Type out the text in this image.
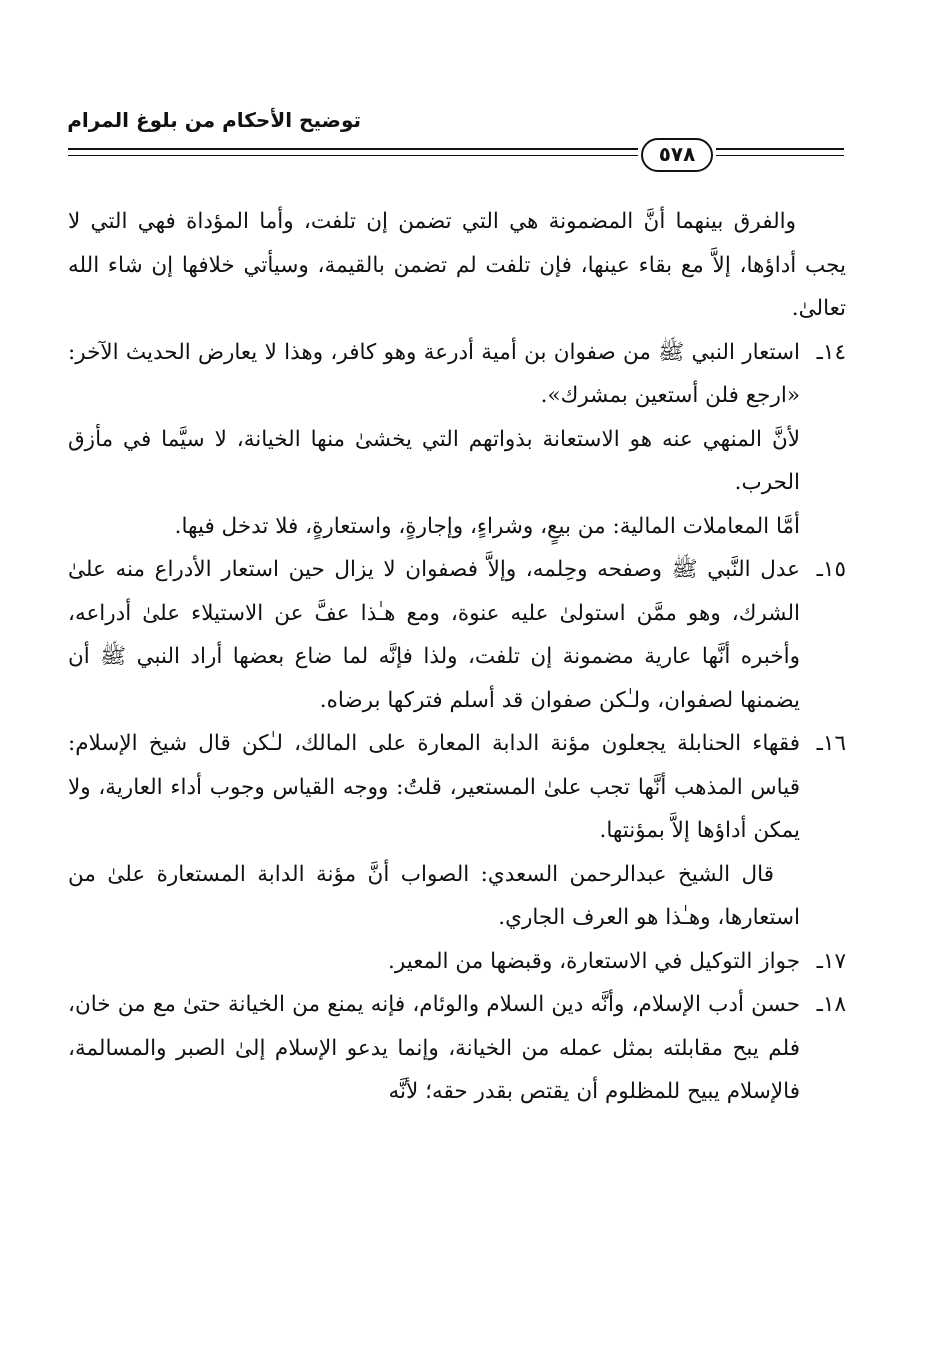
توضيح الأحكام من بلوغ المرام
٥٧٨

والفرق بينهما أنَّ المضمونة هي التي تضمن إن تلفت، وأما المؤداة فهي التي لا يجب أداؤها، إلاَّ مع بقاء عينها، فإن تلفت لم تضمن بالقيمة، وسيأتي خلافها إن شاء الله تعالىٰ.

١٤ـ
استعار النبي ﷺ من صفوان بن أمية أدرعة وهو كافر، وهذا لا يعارض الحديث الآخر: «ارجع فلن أستعين بمشرك».

لأنَّ المنهي عنه هو الاستعانة بذواتهم التي يخشىٰ منها الخيانة، لا سيَّما في مأزق الحرب.

أمَّا المعاملات المالية: من بيعٍ، وشراءٍ، وإجارةٍ، واستعارةٍ، فلا تدخل فيها.

١٥ـ
عدل النَّبي ﷺ وصفحه وحِلمه، وإلاَّ فصفوان لا يزال حين استعار الأدراع منه علىٰ الشرك، وهو ممَّن استولىٰ عليه عنوة، ومع هـٰذا عفَّ عن الاستيلاء علىٰ أدراعه، وأخبره أنَّها عارية مضمونة إن تلفت، ولذا فإنَّه لما ضاع بعضها أراد النبي ﷺ أن يضمنها لصفوان، ولـٰكن صفوان قد أسلم فتركها برضاه.
١٦ـ
فقهاء الحنابلة يجعلون مؤنة الدابة المعارة على المالك، لـٰكن قال شيخ الإسلام: قياس المذهب أنَّها تجب علىٰ المستعير، قلتُ: ووجه القياس وجوب أداء العارية، ولا يمكن أداؤها إلاَّ بمؤنتها.

قال الشيخ عبدالرحمن السعدي: الصواب أنَّ مؤنة الدابة المستعارة علىٰ من استعارها، وهـٰذا هو العرف الجاري.

١٧ـ
جواز التوكيل في الاستعارة، وقبضها من المعير.
١٨ـ
حسن أدب الإسلام، وأنَّه دين السلام والوئام، فإنه يمنع من الخيانة حتىٰ مع من خان، فلم يبح مقابلته بمثل عمله من الخيانة، وإنما يدعو الإسلام إلىٰ الصبر والمسالمة، فالإسلام يبيح للمظلوم أن يقتص بقدر حقه؛ لأنَّه
